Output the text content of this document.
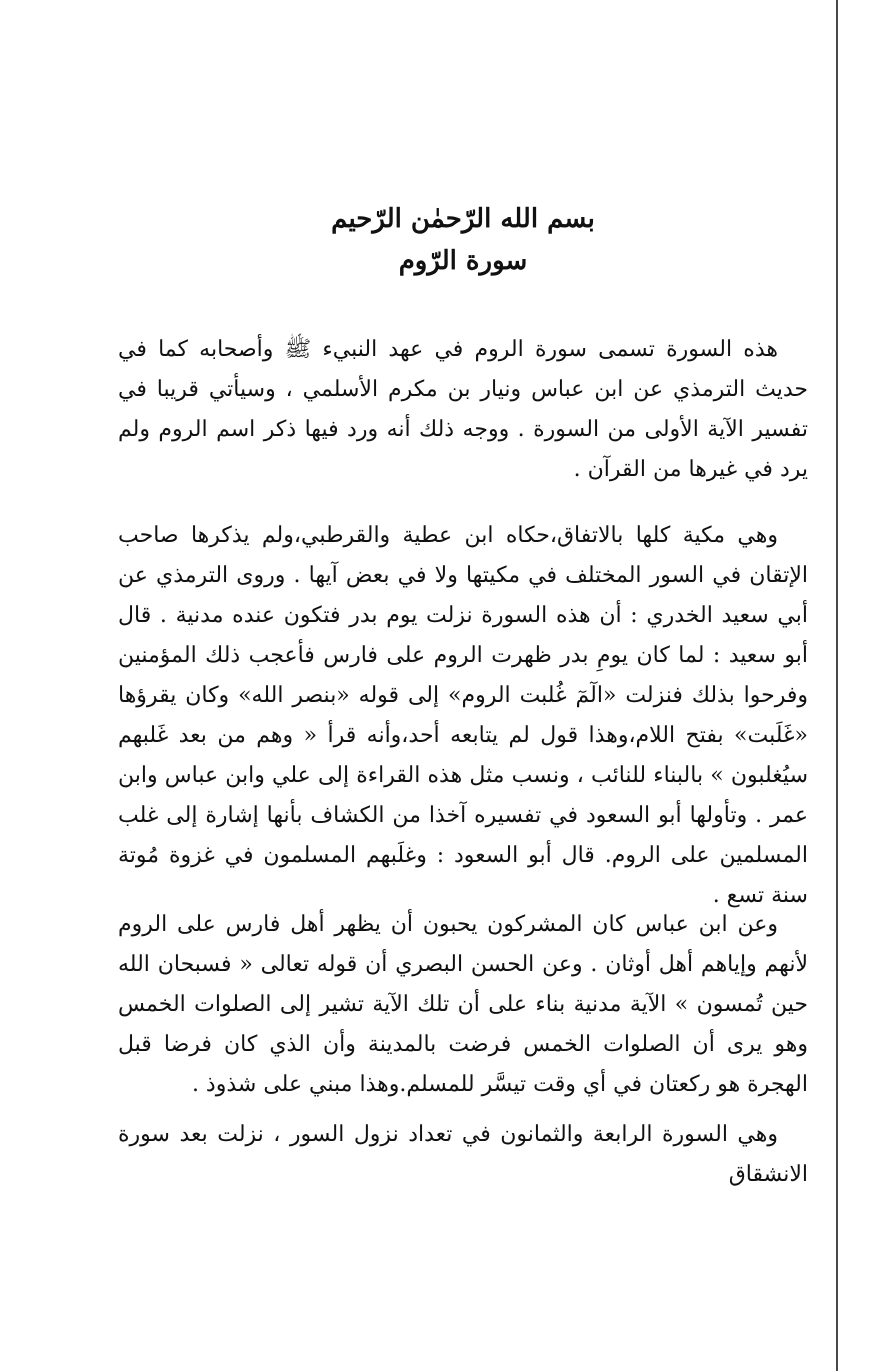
بسم الله الرّحمٰن الرّحيم
سورة الرّوم

هذه السورة تسمى سورة الروم في عهد النبيء ﷺ وأصحابه كما في حديث الترمذي عن ابن عباس ونيار بن مكرم الأسلمي ، وسيأتي قريبا في تفسير الآية الأولى من السورة . ووجه ذلك أنه ورد فيها ذكر اسم الروم ولم يرد في غيرها من القرآن .

وهي مكية كلها بالاتفاق،حكاه ابن عطية والقرطبي،ولم يذكرها صاحب الإتقان في السور المختلف في مكيتها ولا في بعض آيها . وروى الترمذي عن أبي سعيد الخدري : أن هذه السورة نزلت يوم بدر فتكون عنده مدنية . قال أبو سعيد : لما كان يومِ بدر ظهرت الروم على فارس فأعجب ذلك المؤمنين وفرحوا بذلك فنزلت «الٓمٓ غُلبت الروم» إلى قوله «بنصر الله» وكان يقرؤها «غَلَبت» بفتح اللام،وهذا قول لم يتابعه أحد،وأنه قرأ « وهم من بعد غَلبهم سيُغلبون » بالبناء للنائب ، ونسب مثل هذه القراءة إلى علي وابن عباس وابن عمر . وتأولها أبو السعود في تفسيره آخذا من الكشاف بأنها إشارة إلى غلب المسلمين على الروم. قال أبو السعود : وغلَبهم المسلمون في غزوة مُوتة سنة تسع .

وعن ابن عباس كان المشركون يحبون أن يظهر أهل فارس على الروم لأنهم وإياهم أهل أوثان . وعن الحسن البصري أن قوله تعالى « فسبحان الله حين تُمسون » الآية مدنية بناء على أن تلك الآية تشير إلى الصلوات الخمس وهو يرى أن الصلوات الخمس فرضت بالمدينة وأن الذي كان فرضا قبل الهجرة هو ركعتان في أي وقت تيسَّر للمسلم.وهذا مبني على شذوذ .

وهي السورة الرابعة والثمانون في تعداد نزول السور ، نزلت بعد سورة الانشقاق
